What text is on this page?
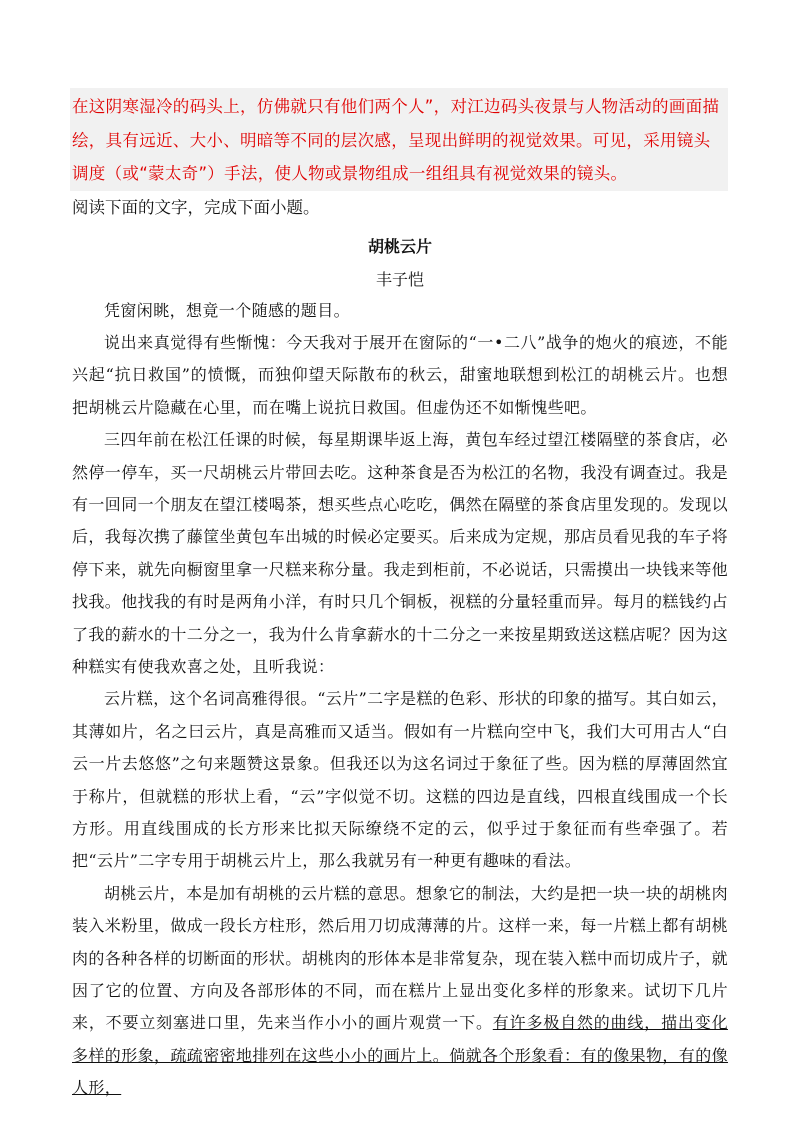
在这阴寒湿冷的码头上，仿佛就只有他们两个人”，对江边码头夜景与人物活动的画面描绘，具有远近、大小、明暗等不同的层次感，呈现出鲜明的视觉效果。可见，采用镜头调度（或“蒙太奇”）手法，使人物或景物组成一组组具有视觉效果的镜头。
阅读下面的文字，完成下面小题。
胡桃云片
丰子恺

凭窗闲眺，想竟一个随感的题目。

说出来真觉得有些惭愧：今天我对于展开在窗际的“一•二八”战争的炮火的痕迹，不能兴起“抗日救国”的愤慨，而独仰望天际散布的秋云，甜蜜地联想到松江的胡桃云片。也想把胡桃云片隐藏在心里，而在嘴上说抗日救国。但虚伪还不如惭愧些吧。

三四年前在松江任课的时候，每星期课毕返上海，黄包车经过望江楼隔壁的茶食店，必然停一停车，买一尺胡桃云片带回去吃。这种茶食是否为松江的名物，我没有调查过。我是有一回同一个朋友在望江楼喝茶，想买些点心吃吃，偶然在隔壁的茶食店里发现的。发现以后，我每次携了藤筐坐黄包车出城的时候必定要买。后来成为定规，那店员看见我的车子将停下来，就先向橱窗里拿一尺糕来称分量。我走到柜前，不必说话，只需摸出一块钱来等他找我。他找我的有时是两角小洋，有时只几个铜板，视糕的分量轻重而异。每月的糕钱约占了我的薪水的十二分之一，我为什么肯拿薪水的十二分之一来按星期致送这糕店呢？因为这种糕实有使我欢喜之处，且听我说：

云片糕，这个名词高雅得很。“云片”二字是糕的色彩、形状的印象的描写。其白如云，其薄如片，名之曰云片，真是高雅而又适当。假如有一片糕向空中飞，我们大可用古人“白云一片去悠悠”之句来题赞这景象。但我还以为这名词过于象征了些。因为糕的厚薄固然宜于称片，但就糕的形状上看，“云”字似觉不切。这糕的四边是直线，四根直线围成一个长方形。用直线围成的长方形来比拟天际缭绕不定的云，似乎过于象征而有些牵强了。若把“云片”二字专用于胡桃云片上，那么我就另有一种更有趣味的看法。

胡桃云片，本是加有胡桃的云片糕的意思。想象它的制法，大约是把一块一块的胡桃肉装入米粉里，做成一段长方柱形，然后用刀切成薄薄的片。这样一来，每一片糕上都有胡桃肉的各种各样的切断面的形状。胡桃肉的形体本是非常复杂，现在装入糕中而切成片子，就因了它的位置、方向及各部形体的不同，而在糕片上显出变化多样的形象来。试切下几片来，不要立刻塞进口里，先来当作小小的画片观赏一下。有许多极自然的曲线，描出变化多样的形象，疏疏密密地排列在这些小小的画片上。倘就各个形象看：有的像果物，有的像人形，
